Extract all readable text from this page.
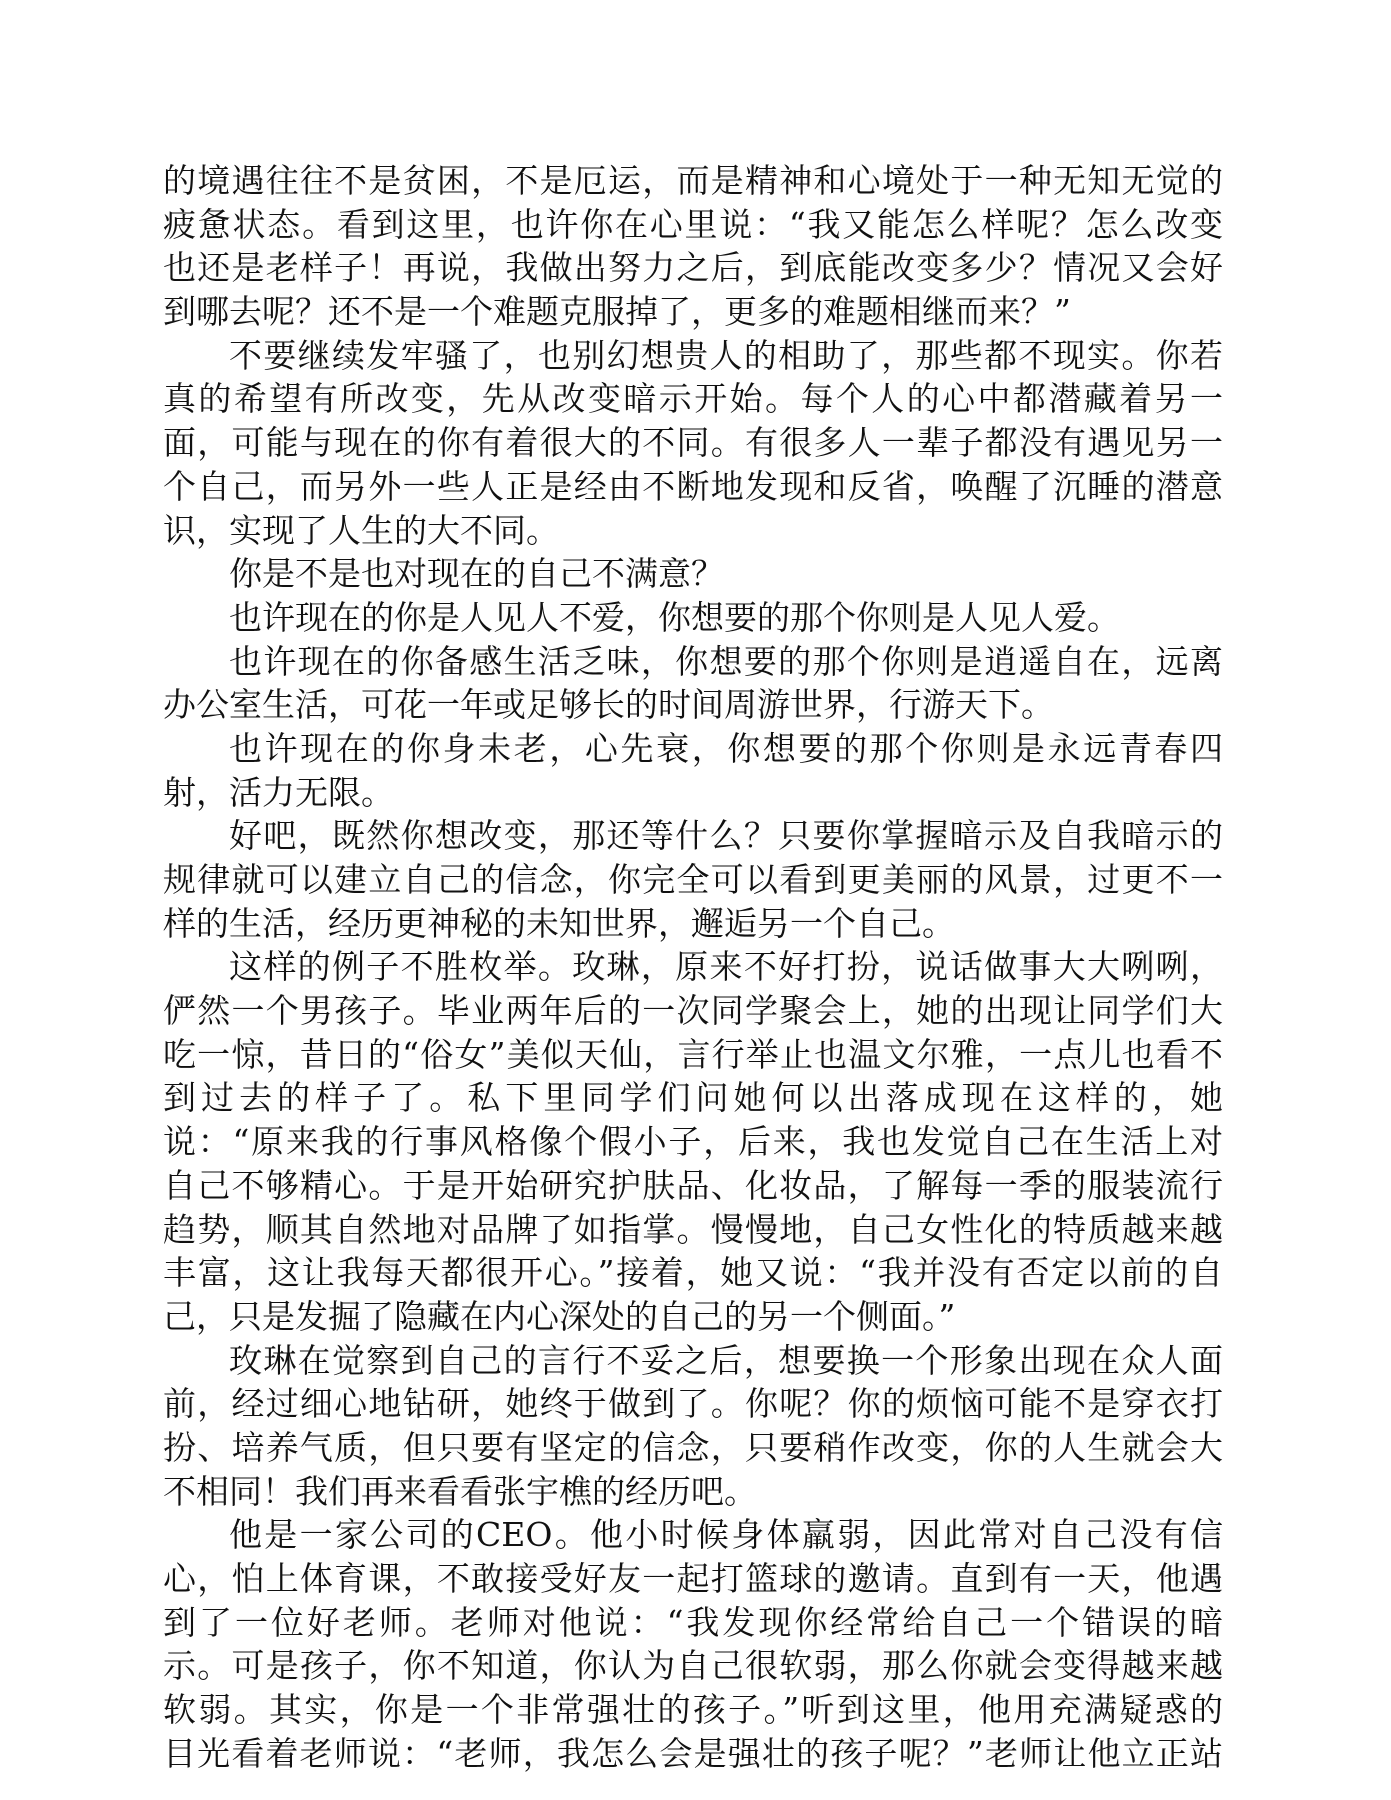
的境遇往往不是贫困，不是厄运，而是精神和心境处于一种无知无觉的
疲惫状态。看到这里，也许你在心里说：“我又能怎么样呢？怎么改变
也还是老样子！再说，我做出努力之后，到底能改变多少？情况又会好
到哪去呢？还不是一个难题克服掉了，更多的难题相继而来？”
不要继续发牢骚了，也别幻想贵人的相助了，那些都不现实。你若
真的希望有所改变，先从改变暗示开始。每个人的心中都潜藏着另一
面，可能与现在的你有着很大的不同。有很多人一辈子都没有遇见另一
个自己，而另外一些人正是经由不断地发现和反省，唤醒了沉睡的潜意
识，实现了人生的大不同。
你是不是也对现在的自己不满意？
也许现在的你是人见人不爱，你想要的那个你则是人见人爱。
也许现在的你备感生活乏味，你想要的那个你则是逍遥自在，远离
办公室生活，可花一年或足够长的时间周游世界，行游天下。
也许现在的你身未老，心先衰，你想要的那个你则是永远青春四
射，活力无限。
好吧，既然你想改变，那还等什么？只要你掌握暗示及自我暗示的
规律就可以建立自己的信念，你完全可以看到更美丽的风景，过更不一
样的生活，经历更神秘的未知世界，邂逅另一个自己。
这样的例子不胜枚举。玫琳，原来不好打扮，说话做事大大咧咧，
俨然一个男孩子。毕业两年后的一次同学聚会上，她的出现让同学们大
吃一惊，昔日的“俗女”美似天仙，言行举止也温文尔雅，一点儿也看不
到过去的样子了。私下里同学们问她何以出落成现在这样的，她
说：“原来我的行事风格像个假小子，后来，我也发觉自己在生活上对
自己不够精心。于是开始研究护肤品、化妆品，了解每一季的服装流行
趋势，顺其自然地对品牌了如指掌。慢慢地，自己女性化的特质越来越
丰富，这让我每天都很开心。”接着，她又说：“我并没有否定以前的自
己，只是发掘了隐藏在内心深处的自己的另一个侧面。”
玫琳在觉察到自己的言行不妥之后，想要换一个形象出现在众人面
前，经过细心地钻研，她终于做到了。你呢？你的烦恼可能不是穿衣打
扮、培养气质，但只要有坚定的信念，只要稍作改变，你的人生就会大
不相同！我们再来看看张宇樵的经历吧。
他是一家公司的CEO。他小时候身体羸弱，因此常对自己没有信
心，怕上体育课，不敢接受好友一起打篮球的邀请。直到有一天，他遇
到了一位好老师。老师对他说：“我发现你经常给自己一个错误的暗
示。可是孩子，你不知道，你认为自己很软弱，那么你就会变得越来越
软弱。其实，你是一个非常强壮的孩子。”听到这里，他用充满疑惑的
目光看着老师说：“老师，我怎么会是强壮的孩子呢？”老师让他立正站
